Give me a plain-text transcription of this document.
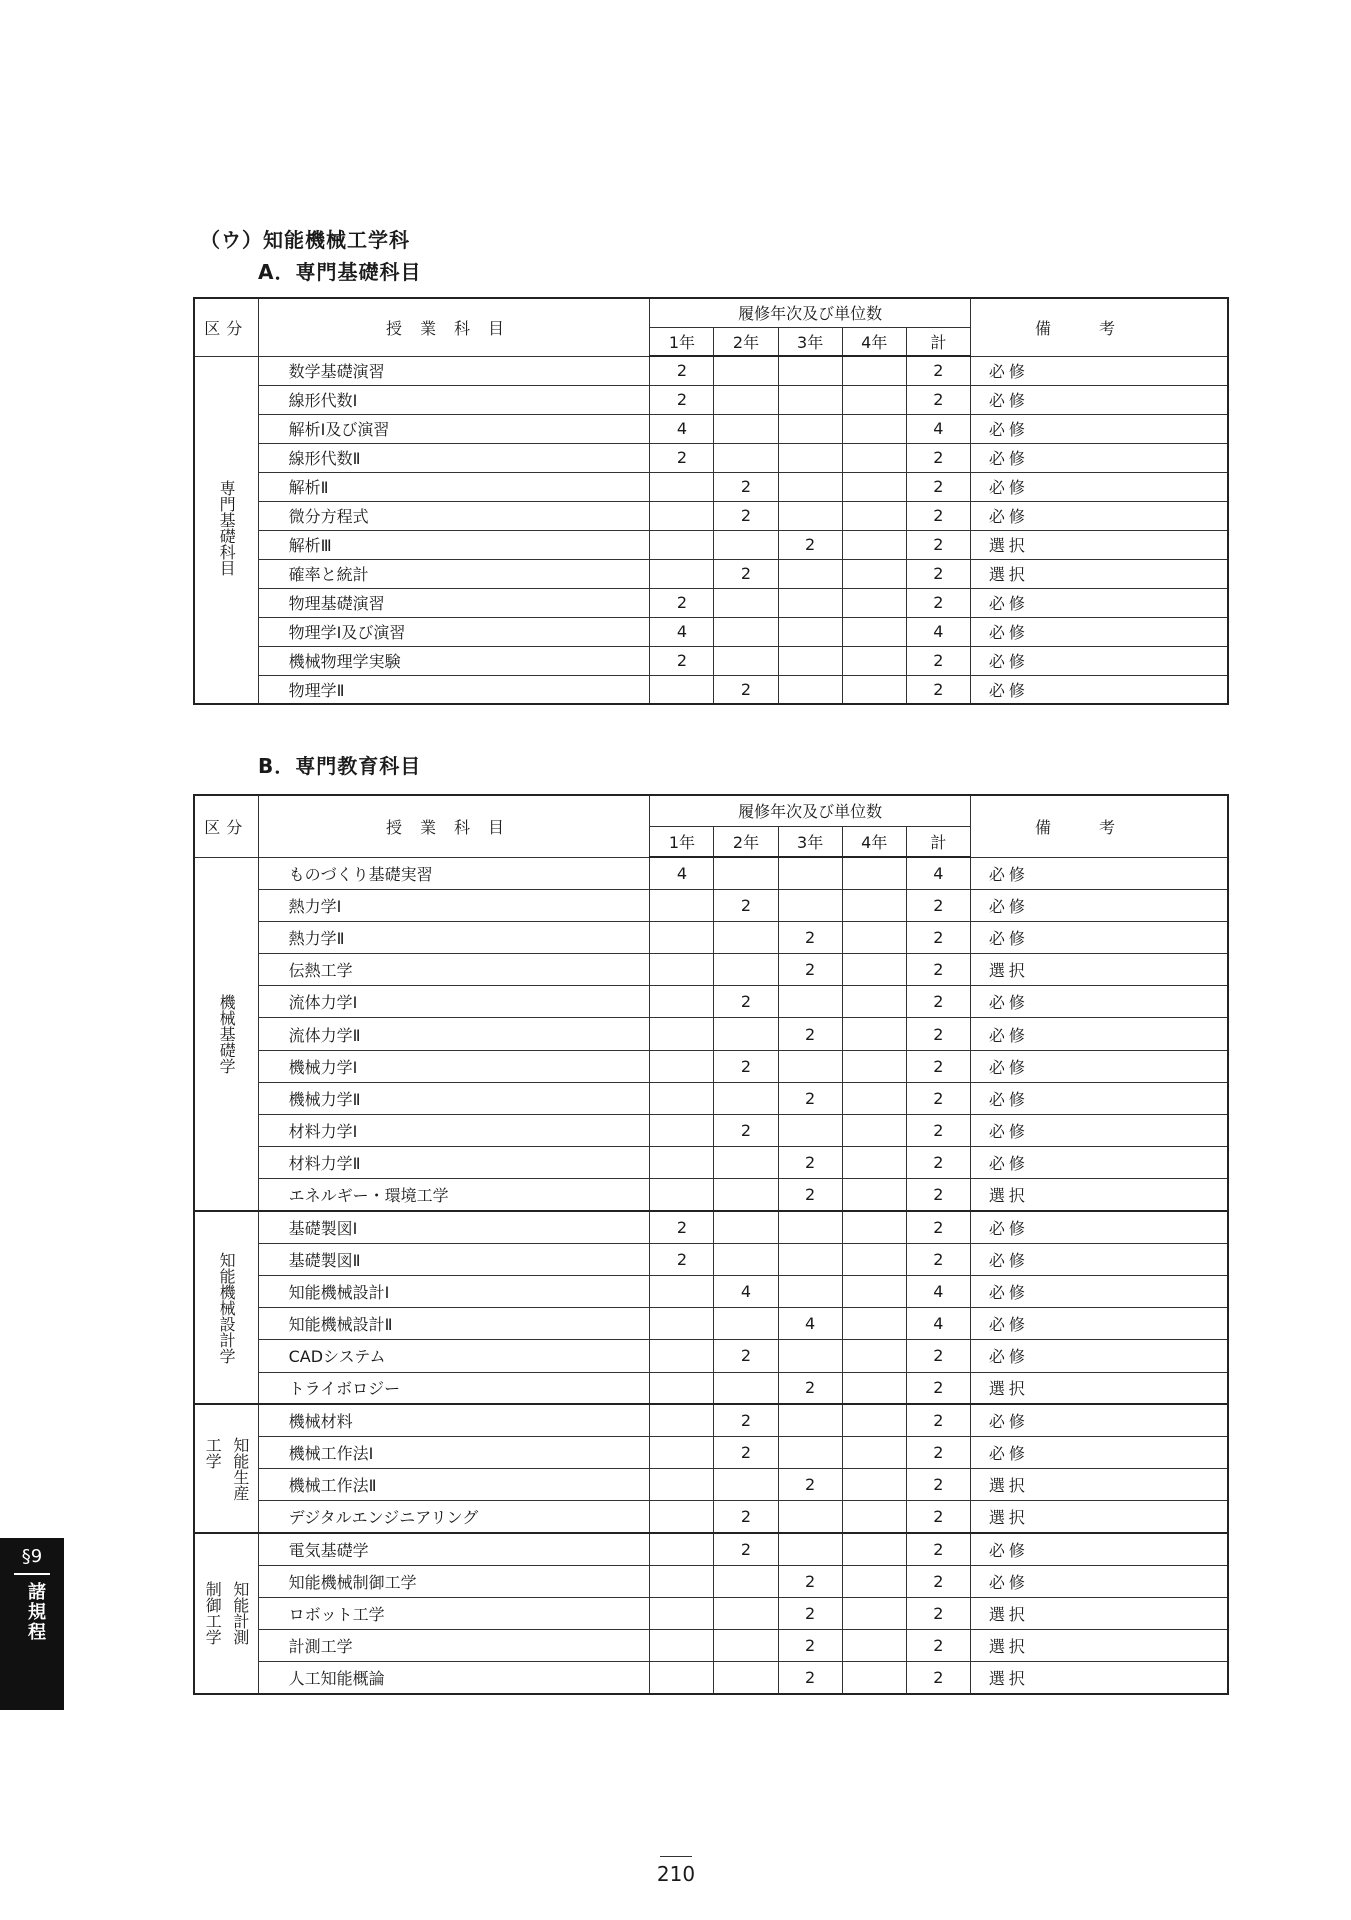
（ウ）知能機械工学科
A．専門基礎科目
区分	授業科目	履修年次及び単位数					備考
		1年	2年	3年	4年	計	
専門基礎科目	数学基礎演習	2				2	必修
	線形代数Ⅰ	2				2	必修
	解析Ⅰ及び演習	4				4	必修
	線形代数Ⅱ	2				2	必修
	解析Ⅱ		2			2	必修
	微分方程式		2			2	必修
	解析Ⅲ			2		2	選択
	確率と統計		2			2	選択
	物理基礎演習	2				2	必修
	物理学Ⅰ及び演習	4				4	必修
	機械物理学実験	2				2	必修
	物理学Ⅱ		2			2	必修
B．専門教育科目
区分	授業科目	履修年次及び単位数					備考
		1年	2年	3年	4年	計	

機械基礎学	ものづくり基礎実習	4				4	必修
	熱力学Ⅰ		2			2	必修
	熱力学Ⅱ			2		2	必修
	伝熱工学			2		2	選択
	流体力学Ⅰ		2			2	必修
	流体力学Ⅱ			2		2	必修
	機械力学Ⅰ		2			2	必修
	機械力学Ⅱ			2		2	必修
	材料力学Ⅰ		2			2	必修
	材料力学Ⅱ			2		2	必修
	エネルギー・環境工学			2		2	選択

知能機械設計学	基礎製図Ⅰ	2				2	必修
	基礎製図Ⅱ	2				2	必修
	知能機械設計Ⅰ		4			4	必修
	知能機械設計Ⅱ			4		4	必修
	CADシステム		2			2	必修
	トライボロジー			2		2	選択

知能生産
工学	機械材料		2			2	必修
	機械工作法Ⅰ		2			2	必修
	機械工作法Ⅱ			2		2	選択
	デジタルエンジニアリング		2			2	選択

知能計測
制御工学	電気基礎学		2			2	必修
	知能機械制御工学			2		2	必修
	ロボット工学			2		2	選択
	計測工学			2		2	選択
	人工知能概論			2		2	選択
§9
諸規程
210
